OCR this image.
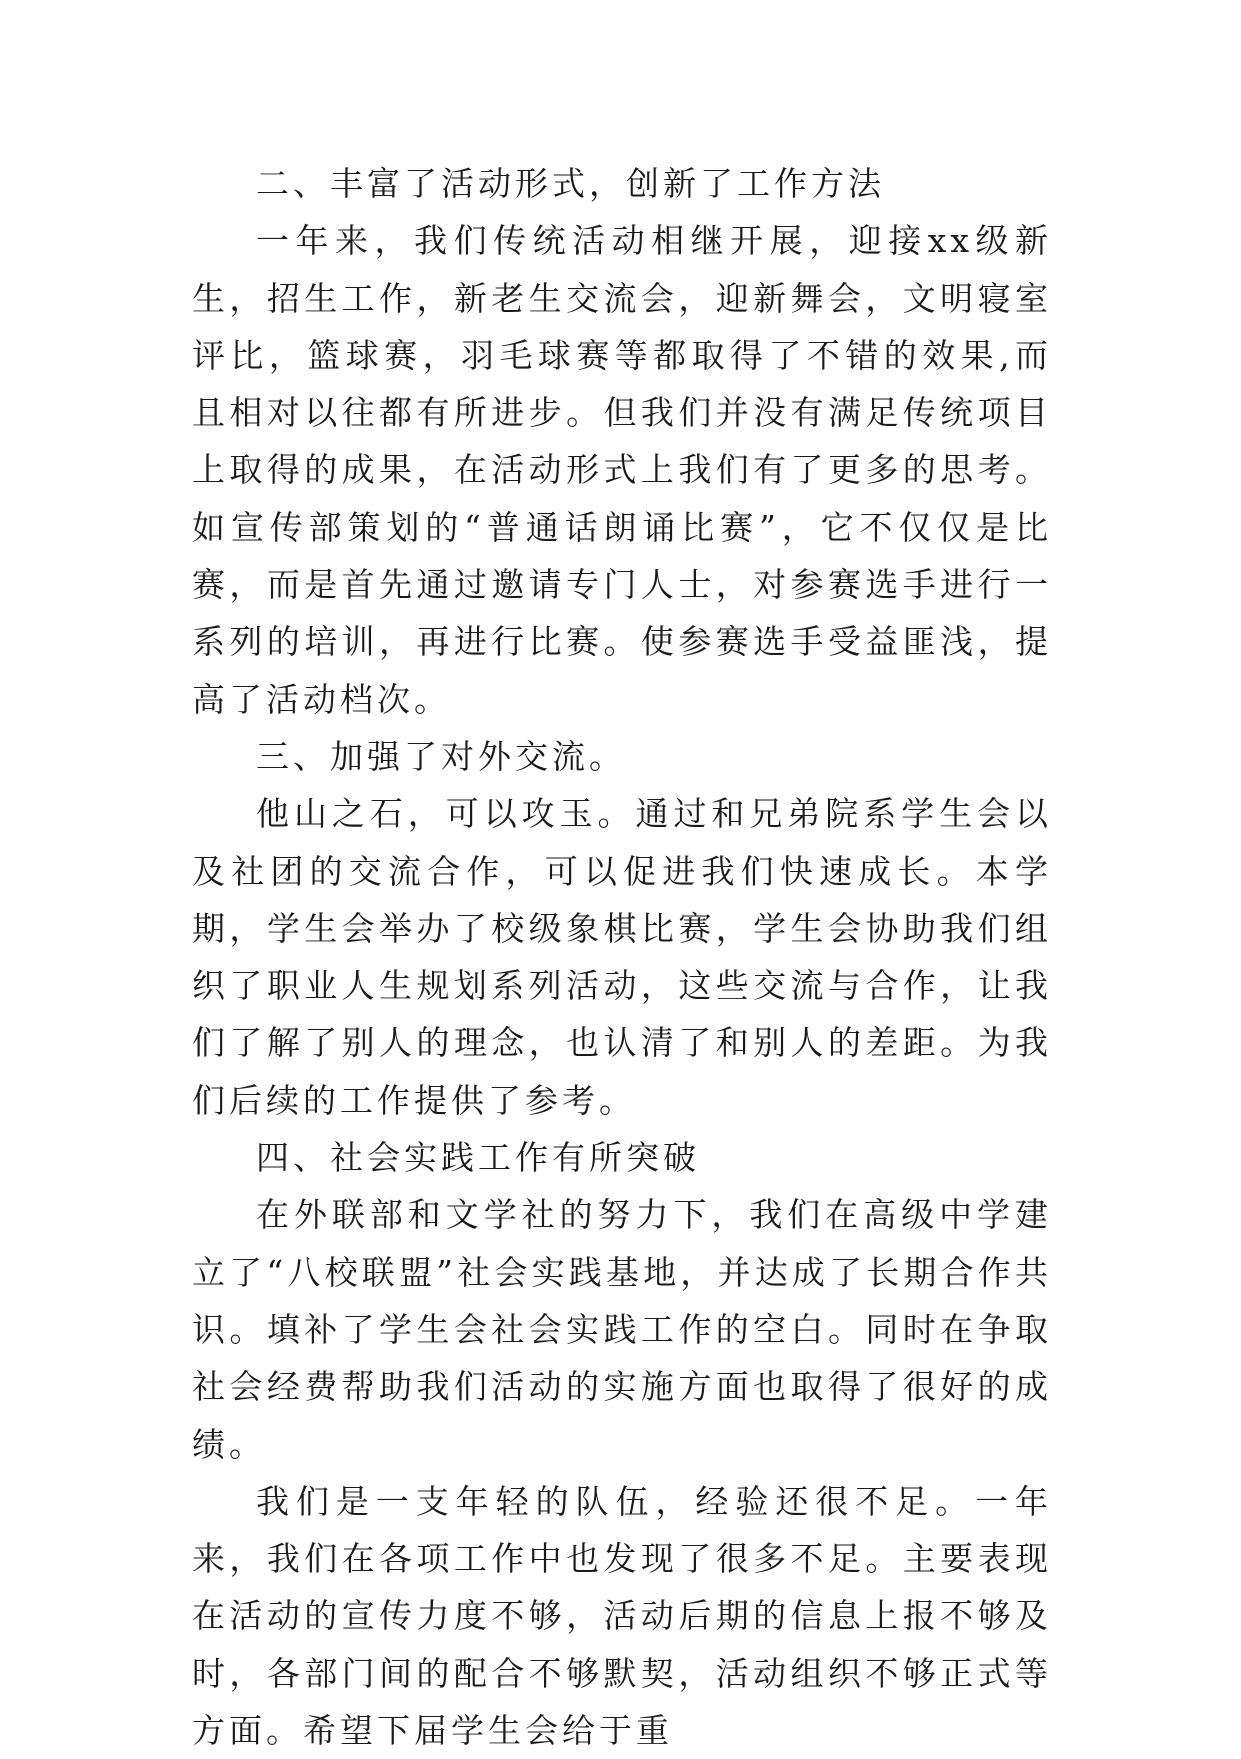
二、丰富了活动形式，创新了工作方法

一年来，我们传统活动相继开展，迎接xx级新生，招生工作，新老生交流会，迎新舞会，文明寝室评比，篮球赛，羽毛球赛等都取得了不错的效果,而且相对以往都有所进步。但我们并没有满足传统项目上取得的成果，在活动形式上我们有了更多的思考。如宣传部策划的“普通话朗诵比赛”，它不仅仅是比赛，而是首先通过邀请专门人士，对参赛选手进行一系列的培训，再进行比赛。使参赛选手受益匪浅，提高了活动档次。

三、加强了对外交流。

他山之石，可以攻玉。通过和兄弟院系学生会以及社团的交流合作，可以促进我们快速成长。本学期，学生会举办了校级象棋比赛，学生会协助我们组织了职业人生规划系列活动，这些交流与合作，让我们了解了别人的理念，也认清了和别人的差距。为我们后续的工作提供了参考。

四、社会实践工作有所突破

在外联部和文学社的努力下，我们在高级中学建立了“八校联盟”社会实践基地，并达成了长期合作共识。填补了学生会社会实践工作的空白。同时在争取社会经费帮助我们活动的实施方面也取得了很好的成绩。

我们是一支年轻的队伍，经验还很不足。一年来，我们在各项工作中也发现了很多不足。主要表现在活动的宣传力度不够，活动后期的信息上报不够及时，各部门间的配合不够默契，活动组织不够正式等方面。希望下届学生会给于重
